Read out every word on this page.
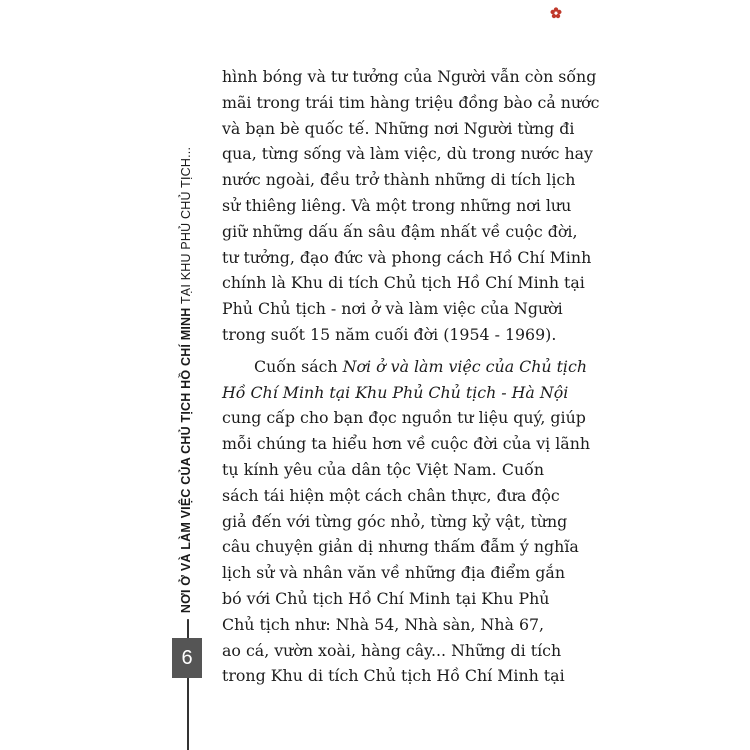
NƠI Ở VÀ LÀM VIỆC CỦA CHỦ TỊCH HỒ CHÍ MINH TẠI KHU PHỦ CHỦ TỊCH...
6
hình bóng và tư tưởng của Người vẫn còn sống
mãi trong trái tim hàng triệu đồng bào cả nước
và bạn bè quốc tế. Những nơi Người từng đi
qua, từng sống và làm việc, dù trong nước hay
nước ngoài, đều trở thành những di tích lịch
sử thiêng liêng. Và một trong những nơi lưu
giữ những dấu ấn sâu đậm nhất về cuộc đời,
tư tưởng, đạo đức và phong cách Hồ Chí Minh
chính là Khu di tích Chủ tịch Hồ Chí Minh tại
Phủ Chủ tịch - nơi ở và làm việc của Người
trong suốt 15 năm cuối đời (1954 - 1969).
Cuốn sách Nơi ở và làm việc của Chủ tịch
Hồ Chí Minh tại Khu Phủ Chủ tịch - Hà Nội
cung cấp cho bạn đọc nguồn tư liệu quý, giúp
mỗi chúng ta hiểu hơn về cuộc đời của vị lãnh
tụ kính yêu của dân tộc Việt Nam. Cuốn
sách tái hiện một cách chân thực, đưa độc
giả đến với từng góc nhỏ, từng kỷ vật, từng
câu chuyện giản dị nhưng thấm đẫm ý nghĩa
lịch sử và nhân văn về những địa điểm gắn
bó với Chủ tịch Hồ Chí Minh tại Khu Phủ
Chủ tịch như: Nhà 54, Nhà sàn, Nhà 67,
ao cá, vườn xoài, hàng cây... Những di tích
trong Khu di tích Chủ tịch Hồ Chí Minh tại
